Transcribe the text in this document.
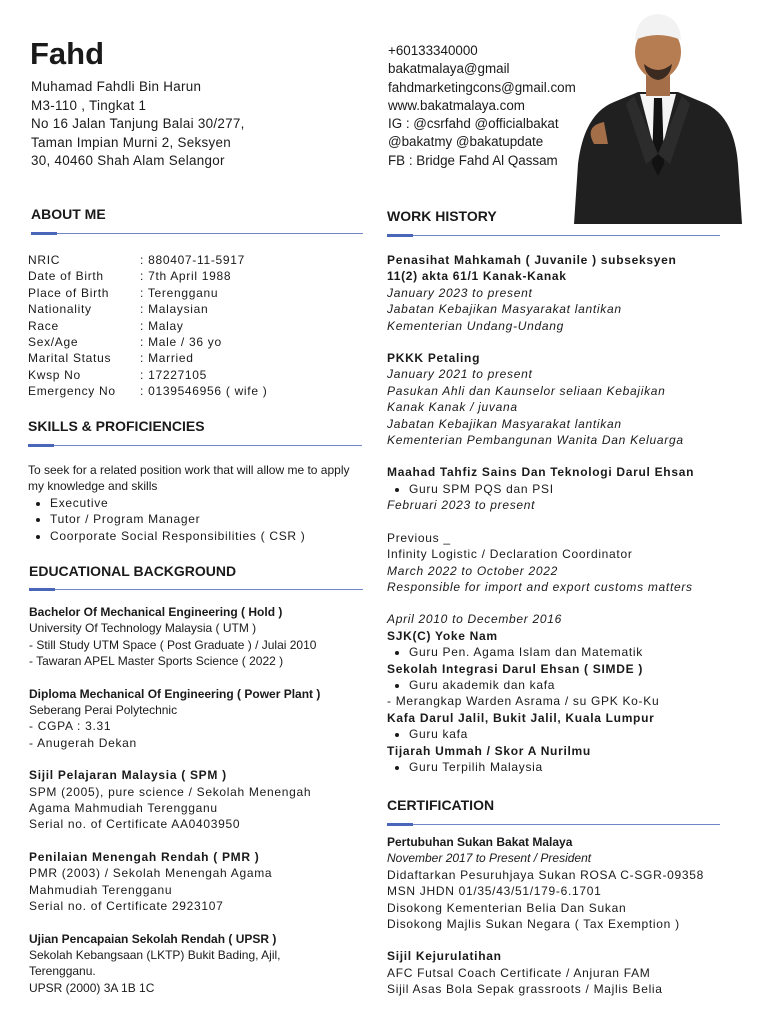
Fahd
Muhamad Fahdli Bin Harun
M3-110 , Tingkat 1
No 16 Jalan Tanjung Balai 30/277,
Taman Impian Murni 2, Seksyen
30, 40460 Shah Alam Selangor
+60133340000
bakatmalaya@gmail
fahdmarketingcons@gmail.com
www.bakatmalaya.com
IG : @csrfahd @officialbakat
@bakatmy @bakatupdate
FB : Bridge Fahd Al Qassam
ABOUT ME
NRIC	: 880407-11-5917
Date of Birth	: 7th April 1988
Place of Birth	: Terengganu
Nationality	: Malaysian
Race	: Malay
Sex/Age	: Male / 36 yo
Marital Status	: Married
Kwsp No	: 17227105
Emergency No	: 0139546956 ( wife )
SKILLS & PROFICIENCIES
To seek for a related position work that will allow me to apply my knowledge and skills
• Executive
• Tutor / Program Manager
• Coorporate Social Responsibilities ( CSR )
EDUCATIONAL BACKGROUND
Bachelor Of Mechanical Engineering ( Hold )
University Of Technology Malaysia ( UTM )
- Still Study UTM Space ( Post Graduate ) / Julai 2010
- Tawaran APEL Master Sports Science ( 2022 )
Diploma Mechanical Of Engineering ( Power Plant )
Seberang Perai Polytechnic
- CGPA : 3.31
- Anugerah Dekan
Sijil Pelajaran Malaysia ( SPM )
SPM (2005), pure science / Sekolah Menengah
Agama Mahmudiah Terengganu
Serial no. of Certificate AA0403950
Penilaian Menengah Rendah ( PMR )
PMR (2003) / Sekolah Menengah Agama
Mahmudiah Terengganu
Serial no. of Certificate 2923107
Ujian Pencapaian Sekolah Rendah ( UPSR )
Sekolah Kebangsaan (LKTP) Bukit Bading, Ajil,
Terengganu.
UPSR (2000) 3A 1B 1C
WORK HISTORY
Penasihat Mahkamah ( Juvanile ) subseksyen
11(2) akta 61/1 Kanak-Kanak
January 2023 to present
Jabatan Kebajikan Masyarakat lantikan
Kementerian Undang-Undang
PKKK Petaling
January 2021 to present
Pasukan Ahli dan Kaunselor seliaan Kebajikan
Kanak Kanak / juvana
Jabatan Kebajikan Masyarakat lantikan
Kementerian Pembangunan Wanita Dan Keluarga
Maahad Tahfiz Sains Dan Teknologi Darul Ehsan
• Guru SPM PQS dan PSI
Februari 2023 to present
Previous _
Infinity Logistic / Declaration Coordinator
March 2022 to October 2022
Responsible for import and export customs matters
April 2010 to December 2016
SJK(C) Yoke Nam
• Guru Pen. Agama Islam dan Matematik
Sekolah Integrasi Darul Ehsan ( SIMDE )
• Guru akademik dan kafa
- Merangkap Warden Asrama / su GPK Ko-Ku
Kafa Darul Jalil, Bukit Jalil, Kuala Lumpur
• Guru kafa
Tijarah Ummah / Skor A Nurilmu
• Guru Terpilih Malaysia
CERTIFICATION
Pertubuhan Sukan Bakat Malaya
November 2017 to Present / President
Didaftarkan Pesuruhjaya Sukan ROSA C-SGR-09358
MSN JHDN 01/35/43/51/179-6.1701
Disokong Kementerian Belia Dan Sukan
Disokong Majlis Sukan Negara ( Tax Exemption )
Sijil Kejurulatihan
AFC Futsal Coach Certificate / Anjuran FAM
Sijil Asas Bola Sepak grassroots / Majlis Belia
